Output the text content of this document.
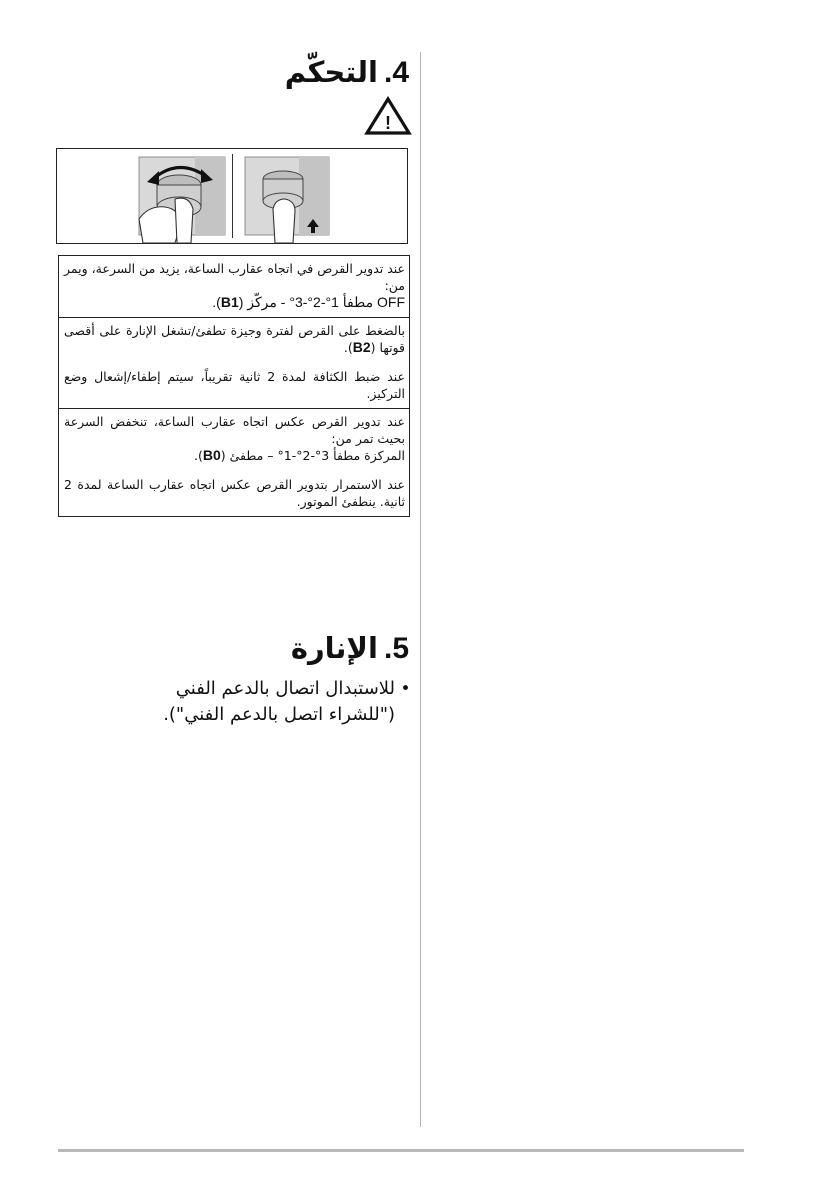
4.
التحكّم
!

عند تدوير القرص في اتجاه عقارب الساعة، يزيد من السرعة، ويمر من:

OFF مطفأ 1°-2°-3° - مركّز (B1).

بالضغط على القرص لفترة وجيزة تطفئ/تشغل الإنارة على أقصى قوتها (B2).

عند ضبط الكثافة لمدة 2 ثانية تقريباً، سيتم إطفاء/إشعال وضع التركيز.

عند تدوير القرص عكس اتجاه عقارب الساعة، تنخفض السرعة بحيث تمر من:

المركزة مطفأ 3°-2°-1° – مطفئ (B0).

عند الاستمرار بتدوير القرص عكس اتجاه عقارب الساعة لمدة 2 ثانية. ينطفئ الموتور.

5.
الإنارة
•
للاستبدال اتصال بالدعم الفني
("للشراء اتصل بالدعم الفني").
